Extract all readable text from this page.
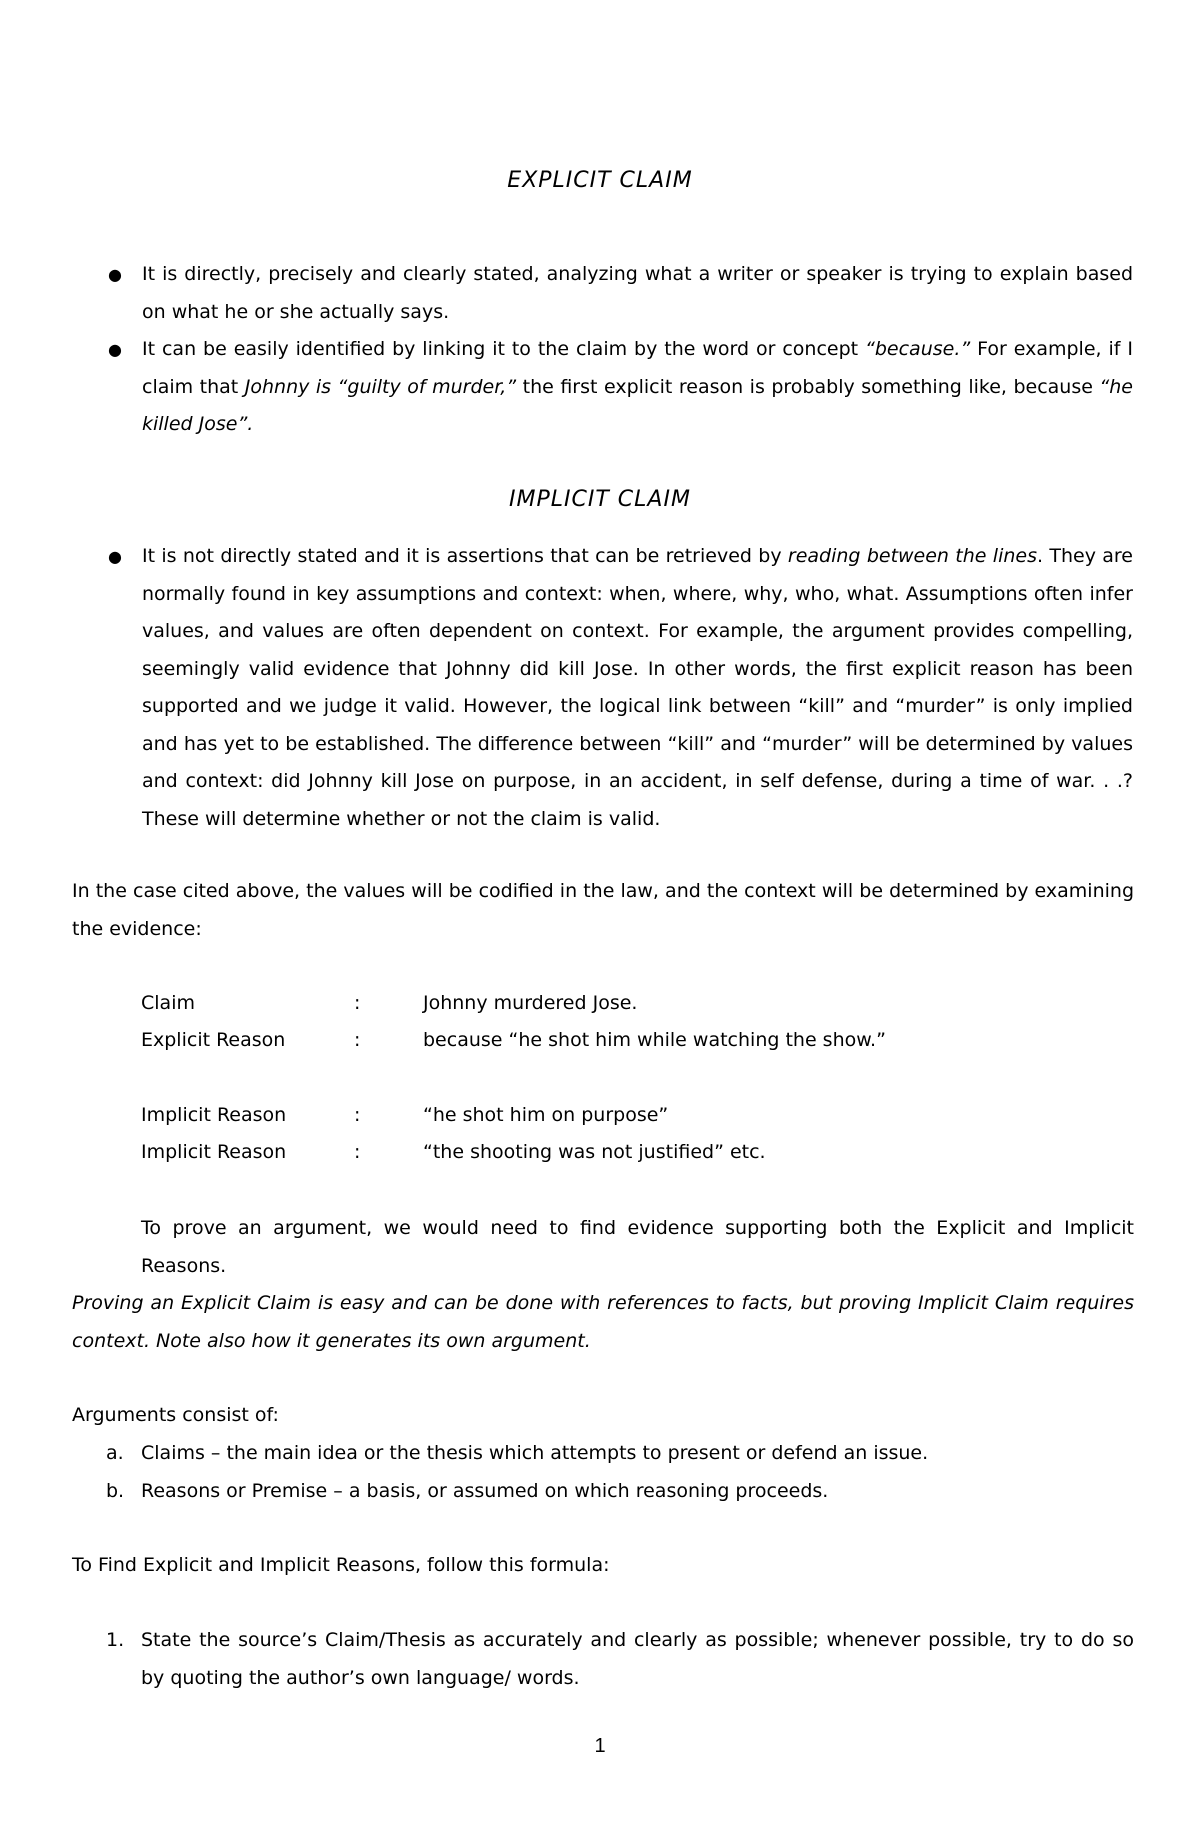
EXPLICIT CLAIM
● It is directly, precisely and clearly stated, analyzing what a writer or speaker is trying to explain based on what he or she actually says.
● It can be easily identified by linking it to the claim by the word or concept “because.” For example, if I claim that Johnny is “guilty of murder,” the first explicit reason is probably something like, because “he killed Jose”.
IMPLICIT CLAIM
● It is not directly stated and it is assertions that can be retrieved by reading between the lines. They are normally found in key assumptions and context: when, where, why, who, what. Assumptions often infer values, and values are often dependent on context. For example, the argument provides compelling, seemingly valid evidence that Johnny did kill Jose. In other words, the first explicit reason has been supported and we judge it valid. However, the logical link between “kill” and “murder” is only implied and has yet to be established. The difference between “kill” and “murder” will be determined by values and context: did Johnny kill Jose on purpose, in an accident, in self defense, during a time of war. . .? These will determine whether or not the claim is valid.

In the case cited above, the values will be codified in the law, and the context will be determined by examining the evidence:

Claim	:	Johnny murdered Jose.
Explicit Reason	:	because “he shot him while watching the show.”
Implicit Reason	:	“he shot him on purpose”
Implicit Reason	:	“the shooting was not justified” etc.

To prove an argument, we would need to find evidence supporting both the Explicit and Implicit Reasons.

Proving an Explicit Claim is easy and can be done with references to facts, but proving Implicit Claim requires context. Note also how it generates its own argument.

Arguments consist of:

a. Claims – the main idea or the thesis which attempts to present or defend an issue.
b. Reasons or Premise – a basis, or assumed on which reasoning proceeds.

To Find Explicit and Implicit Reasons, follow this formula:

1. State the source’s Claim/Thesis as accurately and clearly as possible; whenever possible, try to do so by quoting the author’s own language/ words.
1
